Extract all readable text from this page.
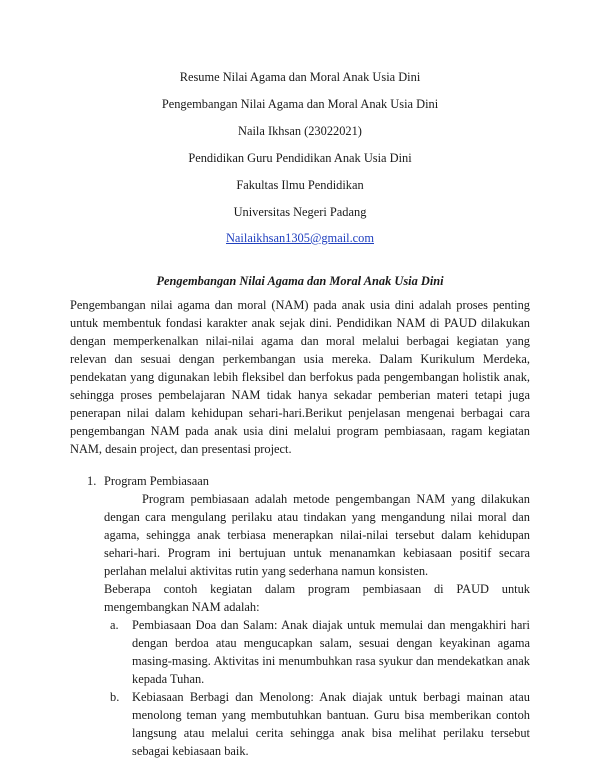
Resume Nilai Agama dan Moral Anak Usia Dini
Pengembangan Nilai Agama dan Moral Anak Usia Dini
Naila Ikhsan (23022021)
Pendidikan Guru Pendidikan Anak Usia Dini
Fakultas Ilmu Pendidikan
Universitas Negeri Padang
Nailaikhsan1305@gmail.com
Pengembangan Nilai Agama dan Moral Anak Usia Dini

Pengembangan nilai agama dan moral (NAM) pada anak usia dini adalah proses penting untuk membentuk fondasi karakter anak sejak dini. Pendidikan NAM di PAUD dilakukan dengan memperkenalkan nilai-nilai agama dan moral melalui berbagai kegiatan yang relevan dan sesuai dengan perkembangan usia mereka. Dalam Kurikulum Merdeka, pendekatan yang digunakan lebih fleksibel dan berfokus pada pengembangan holistik anak, sehingga proses pembelajaran NAM tidak hanya sekadar pemberian materi tetapi juga penerapan nilai dalam kehidupan sehari-hari.Berikut penjelasan mengenai berbagai cara pengembangan NAM pada anak usia dini melalui program pembiasaan, ragam kegiatan NAM, desain project, dan presentasi project.

1. Program Pembiasaan
Program pembiasaan adalah metode pengembangan NAM yang dilakukan dengan cara mengulang perilaku atau tindakan yang mengandung nilai moral dan agama, sehingga anak terbiasa menerapkan nilai-nilai tersebut dalam kehidupan sehari-hari. Program ini bertujuan untuk menanamkan kebiasaan positif secara perlahan melalui aktivitas rutin yang sederhana namun konsisten.
Beberapa contoh kegiatan dalam program pembiasaan di PAUD untuk mengembangkan NAM adalah:
a. Pembiasaan Doa dan Salam: Anak diajak untuk memulai dan mengakhiri hari dengan berdoa atau mengucapkan salam, sesuai dengan keyakinan agama masing-masing. Aktivitas ini menumbuhkan rasa syukur dan mendekatkan anak kepada Tuhan.
b. Kebiasaan Berbagi dan Menolong: Anak diajak untuk berbagi mainan atau menolong teman yang membutuhkan bantuan. Guru bisa memberikan contoh langsung atau melalui cerita sehingga anak bisa melihat perilaku tersebut sebagai kebiasaan baik.
